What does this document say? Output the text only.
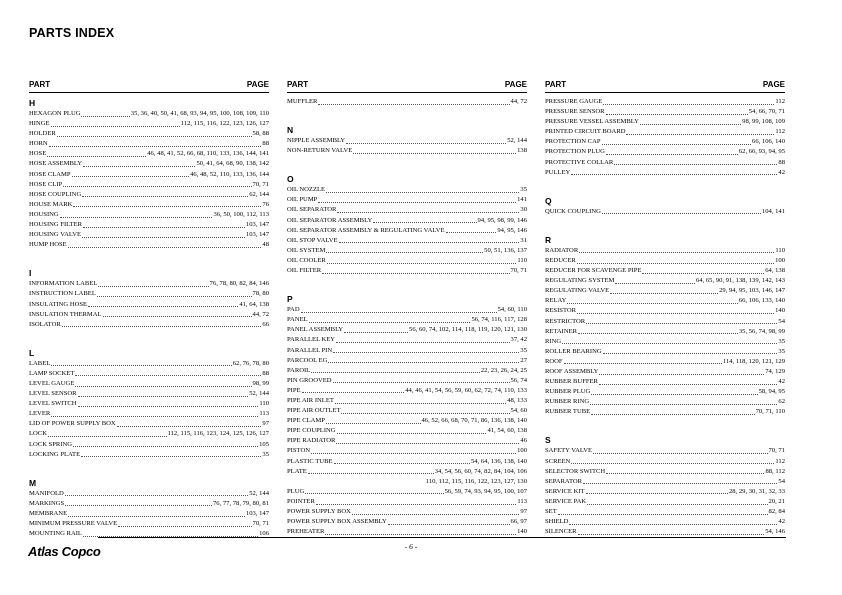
PARTS INDEX
PART	PAGE
H
HEXAGON PLUG	35, 36, 40, 50, 41, 68, 93, 94, 95, 100, 108, 109, 110
HINGE	112, 115, 116, 122, 123, 126, 127
HOLDER	58, 88
HORN	88
HOSE	46, 48, 41, 52, 66, 68, 110, 133, 136, 144, 141
HOSE ASSEMBLY	50, 41, 64, 68, 90, 138, 142
HOSE CLAMP	46, 48, 52, 110, 133, 136, 144
HOSE CLIP	70, 71
HOSE COUPLING	62, 144
HOUSE MARK	76
HOUSING	36, 50, 100, 112, 113
HOUSING FILTER	103, 147
HOUSING VALVE	103, 147
HUMP HOSE	48
I
INFORMATION LABEL	76, 78, 80, 82, 84, 146
INSTRUCTION LABEL	78, 80
INSULATING HOSE	41, 64, 138
INSULATION THERMAL	44, 72
ISOLATOR	66
L
LABEL	62, 76, 78, 80
LAMP SOCKET	88
LEVEL GAUGE	98, 99
LEVEL SENSOR	52, 144
LEVEL SWITCH	110
LEVER	113
LID OF POWER SUPPLY BOX	97
LOCK	112, 115, 116, 123, 124, 125, 126, 127
LOCK SPRING	105
LOCKING PLATE	35
M
MANIFOLD	52, 144
MARKINGS	76, 77, 78, 79, 80, 81
MEMBRANE	103, 147
MINIMUM PRESSURE VALVE	70, 71
MOUNTING RAIL	106
PART	PAGE
MUFFLER	44, 72
N
NIPPLE ASSEMBLY	52, 144
NON-RETURN VALVE	138
O
OIL NOZZLE	35
OIL PUMP	141
OIL SEPARATOR	30
OIL SEPARATOR ASSEMBLY	94, 95, 98, 99, 146
OIL SEPARATOR ASSEMBLY & REGULATING VALVE	94, 95, 146
OIL STOP VALVE	31
OIL SYSTEM	50, 51, 136, 137
OIL COOLER	110
OIL FILTER	70, 71
P
PAD	54, 60, 110
PANEL	56, 74, 116, 117, 128
PANEL ASSEMBLY	56, 60, 74, 102, 114, 118, 119, 120, 121, 130
PARALLEL KEY	37, 42
PARALLEL PIN	35
PARCOOL EG	27
PAROIL	22, 23, 26, 24, 25
PIN GROOVED	56, 74
PIPE	44, 46, 41, 54, 56, 59, 60, 62, 72, 74, 110, 133
PIPE AIR INLET	48, 133
PIPE AIR OUTLET	54, 60
PIPE CLAMP	46, 52, 66, 68, 70, 71, 86, 136, 138, 140
PIPE COUPLING	41, 54, 60, 138
PIPE RADIATOR	46
PISTON	100
PLASTIC TUBE	54, 64, 136, 138, 140
PLATE	34, 54, 56, 60, 74, 82, 84, 104, 106
110, 112, 115, 116, 122, 123, 127, 130
PLUG	56, 59, 74, 93, 94, 95, 100, 107
POINTER	113
POWER SUPPLY BOX	97
POWER SUPPLY BOX ASSEMBLY	66, 97
PREHEATER	140
PART	PAGE
PRESSURE GAUGE	112
PRESSURE SENSOR	54, 66, 70, 71
PRESSURE VESSEL ASSEMBLY	98, 99, 108, 109
PRINTED CIRCUIT BOARD	112
PROTECTION CAP	66, 106, 140
PROTECTION PLUG	62, 66, 93, 94, 95
PROTECTIVE COLLAR	88
PULLEY	42
Q
QUICK COUPLING	104, 141
R
RADIATOR	110
REDUCER	100
REDUCER FOR SCAVENGE PIPE	64, 138
REGULATING SYSTEM	64, 65, 90, 91, 138, 139, 142, 143
REGULATING VALVE	29, 94, 95, 103, 146, 147
RELAY	66, 106, 133, 140
RESISTOR	140
RESTRICTOR	54
RETAINER	35, 56, 74, 98, 99
RING	35
ROLLER BEARING	35
ROOF	114, 118, 120, 121, 129
ROOF ASSEMBLY	74, 129
RUBBER BUFFER	42
RUBBER PLUG	58, 94, 95
RUBBER RING	62
RUBBER TUBE	70, 71, 110
S
SAFETY VALVE	70, 71
SCREEN	112
SELECTOR SWITCH	88, 112
SEPARATOR	54
SERVICE KIT	28, 29, 30, 31, 32, 33
SERVICE PAK	20, 21
SET	82, 84
SHIELD	42
SILENCER	54, 146
Atlas Copco	- 6 -
